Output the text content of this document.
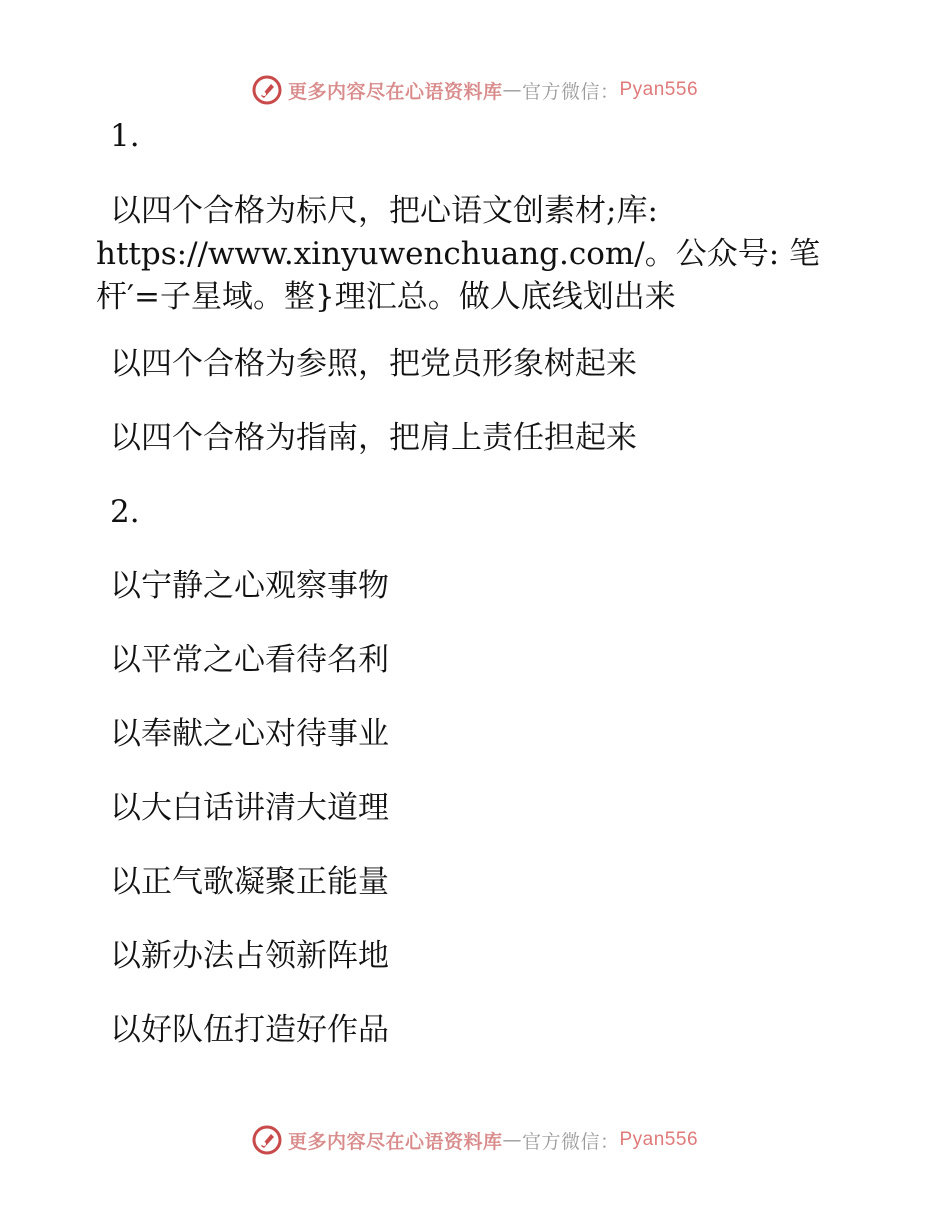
更多内容尽在心语资料库 — 官方微信： Pyan556

1.

以四个合格为标尺，把心语文创素材;库:

https://www.xinyuwenchuang.com/。公众号: 笔

杆′=子星域。整}理汇总。做人底线划出来

以四个合格为参照，把党员形象树起来

以四个合格为指南，把肩上责任担起来

2.

以宁静之心观察事物

以平常之心看待名利

以奉献之心对待事业

以大白话讲清大道理

以正气歌凝聚正能量

以新办法占领新阵地

以好队伍打造好作品

更多内容尽在心语资料库 — 官方微信： Pyan556
